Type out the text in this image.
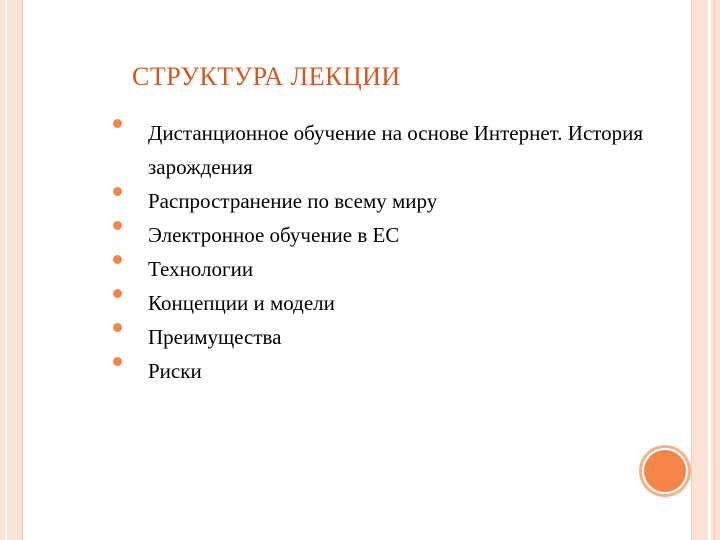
СТРУКТУРА ЛЕКЦИИ
Дистанционное обучение на основе Интернет. История зарождения
Распространение по всему миру
Электронное обучение в ЕС
Технологии
Концепции и модели
Преимущества
Риски
